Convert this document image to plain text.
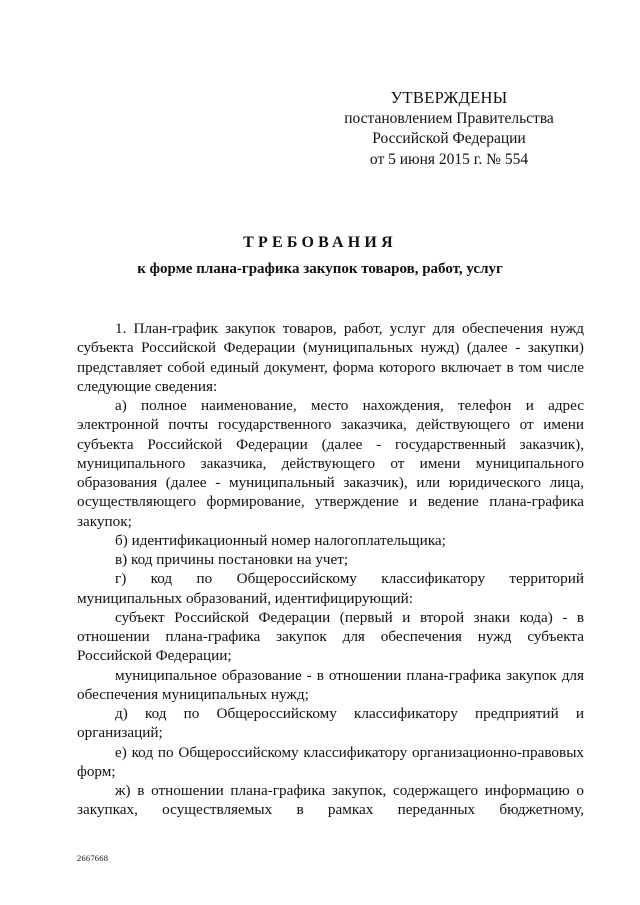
УТВЕРЖДЕНЫ
постановлением Правительства
Российской Федерации
от 5 июня 2015 г. № 554
ТРЕБОВАНИЯ
к форме плана-графика закупок товаров, работ, услуг

1. План-график закупок товаров, работ, услуг для обеспечения нужд субъекта Российской Федерации (муниципальных нужд) (далее - закупки) представляет собой единый документ, форма которого включает в том числе следующие сведения:

а) полное наименование, место нахождения, телефон и адрес электронной почты государственного заказчика, действующего от имени субъекта Российской Федерации (далее - государственный заказчик), муниципального заказчика, действующего от имени муниципального образования (далее - муниципальный заказчик), или юридического лица, осуществляющего формирование, утверждение и ведение плана-графика закупок;

б) идентификационный номер налогоплательщика;

в) код причины постановки на учет;

г) код по Общероссийскому классификатору территорий муниципальных образований, идентифицирующий:

субъект Российской Федерации (первый и второй знаки кода) - в отношении плана-графика закупок для обеспечения нужд субъекта Российской Федерации;

муниципальное образование - в отношении плана-графика закупок для обеспечения муниципальных нужд;

д) код по Общероссийскому классификатору предприятий и организаций;

е) код по Общероссийскому классификатору организационно-правовых форм;

ж) в отношении плана-графика закупок, содержащего информацию о закупках, осуществляемых в рамках переданных бюджетному,

2667668
